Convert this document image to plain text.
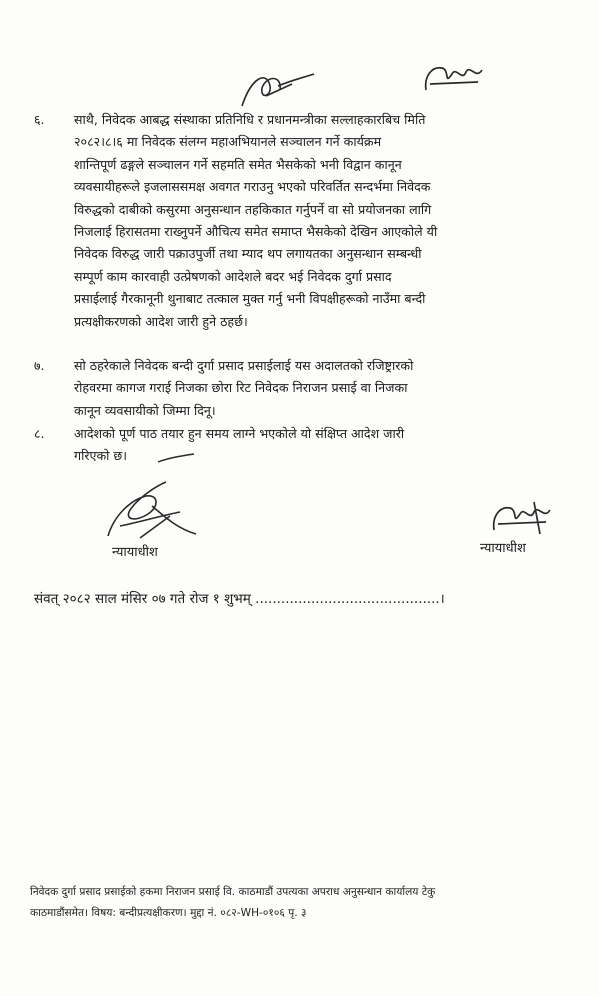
६.	साथै, निवेदक आबद्ध संस्थाका प्रतिनिधि र प्रधानमन्त्रीका सल्लाहकारबिच मिति
२०८२।८।६ मा निवेदक संलग्न महाअभियानले सञ्चालन गर्ने कार्यक्रम
शान्तिपूर्ण ढङ्गले सञ्चालन गर्ने सहमति समेत भैसकेको भनी विद्वान कानून
व्यवसायीहरूले इजलाससमक्ष अवगत गराउनु भएको परिवर्तित सन्दर्भमा निवेदक
विरुद्धको दाबीको कसुरमा अनुसन्धान तहकिकात गर्नुपर्ने वा सो प्रयोजनका लागि
निजलाई हिरासतमा राख्नुपर्ने औचित्य समेत समाप्त भैसकेको देखिन आएकोले यी
निवेदक विरुद्ध जारी पक्राउपुर्जी तथा म्याद थप लगायतका अनुसन्धान सम्बन्धी
सम्पूर्ण काम कारवाही उत्प्रेषणको आदेशले बदर भई निवेदक दुर्गा प्रसाद
प्रसाईलाई गैरकानूनी थुनाबाट तत्काल मुक्त गर्नु भनी विपक्षीहरूको नाउँमा बन्दी
प्रत्यक्षीकरणको आदेश जारी हुने ठहर्छ।
७.	सो ठहरेकाले निवेदक बन्दी दुर्गा प्रसाद प्रसाईलाई यस अदालतको रजिष्ट्रारको
रोहवरमा कागज गराई निजका छोरा रिट निवेदक निराजन प्रसाई वा निजका
कानून व्यवसायीको जिम्मा दिनू।
८.	आदेशको पूर्ण पाठ तयार हुन समय लाग्ने भएकोले यो संक्षिप्त आदेश जारी
गरिएको छ।
न्यायाधीश	न्यायाधीश
संवत् २०८२ साल मंसिर ०७ गते रोज १ शुभम् ...........................................।
निवेदक दुर्गा प्रसाद प्रसाईको हकमा निराजन प्रसाई वि. काठमाडौं उपत्यका अपराध अनुसन्धान कार्यालय टेकु
काठमाडौंसमेत। विषय: बन्दीप्रत्यक्षीकरण। मुद्दा नं. ०८२-WH-०१०६ पृ. ३
